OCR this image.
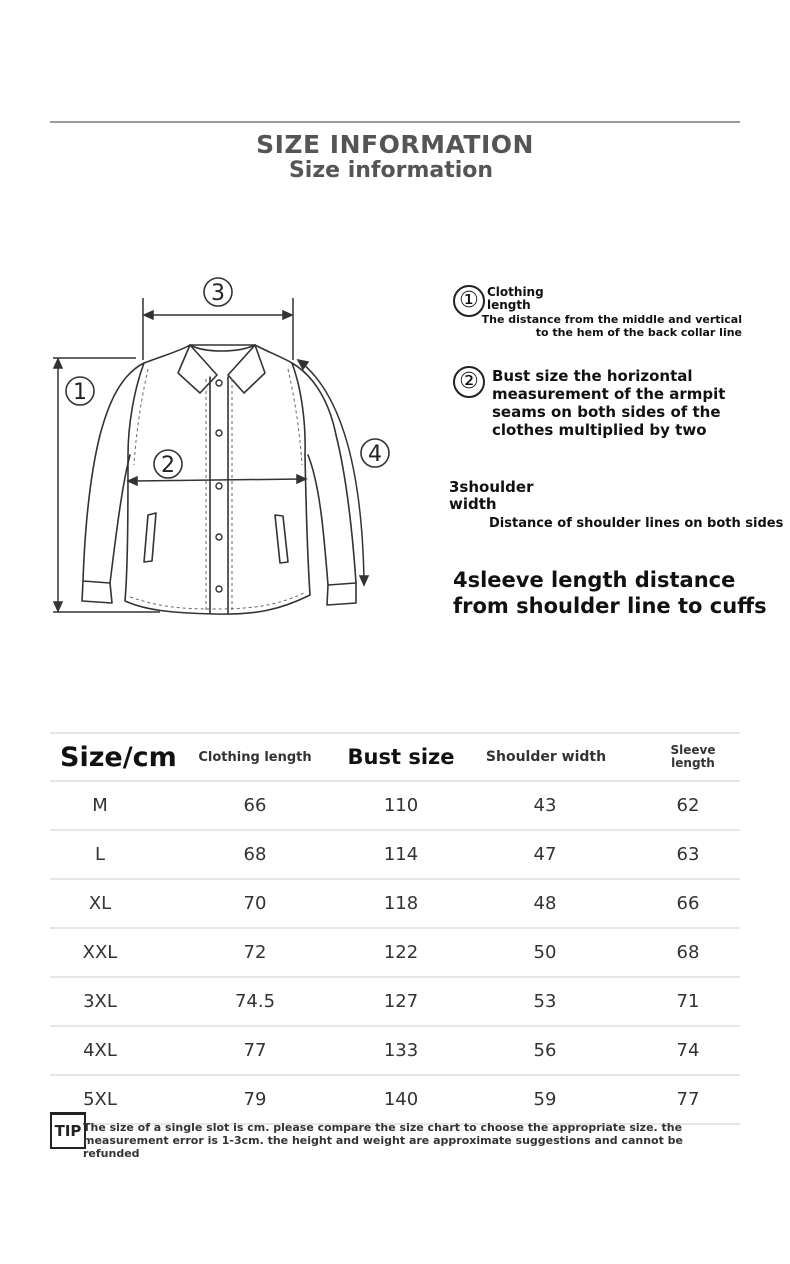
SIZE INFORMATION
Size information
1
2
3
4
① Clothing length
The distance from the middle and vertical to the hem of the back collar line
② Bust size the horizontal measurement of the armpit seams on both sides of the clothes multiplied by two
3shoulder width
Distance of shoulder lines on both sides
4sleeve length distance from shoulder line to cuffs
Size/cm	Clothing length	Bust size	Shoulder width	Sleeve length
M	66	110	43	62
L	68	114	47	63
XL	70	118	48	66
XXL	72	122	50	68
3XL	74.5	127	53	71
4XL	77	133	56	74
5XL	79	140	59	77
TIP The size of a single slot is cm. please compare the size chart to choose the appropriate size. the measurement error is 1-3cm. the height and weight are approximate suggestions and cannot be refunded
